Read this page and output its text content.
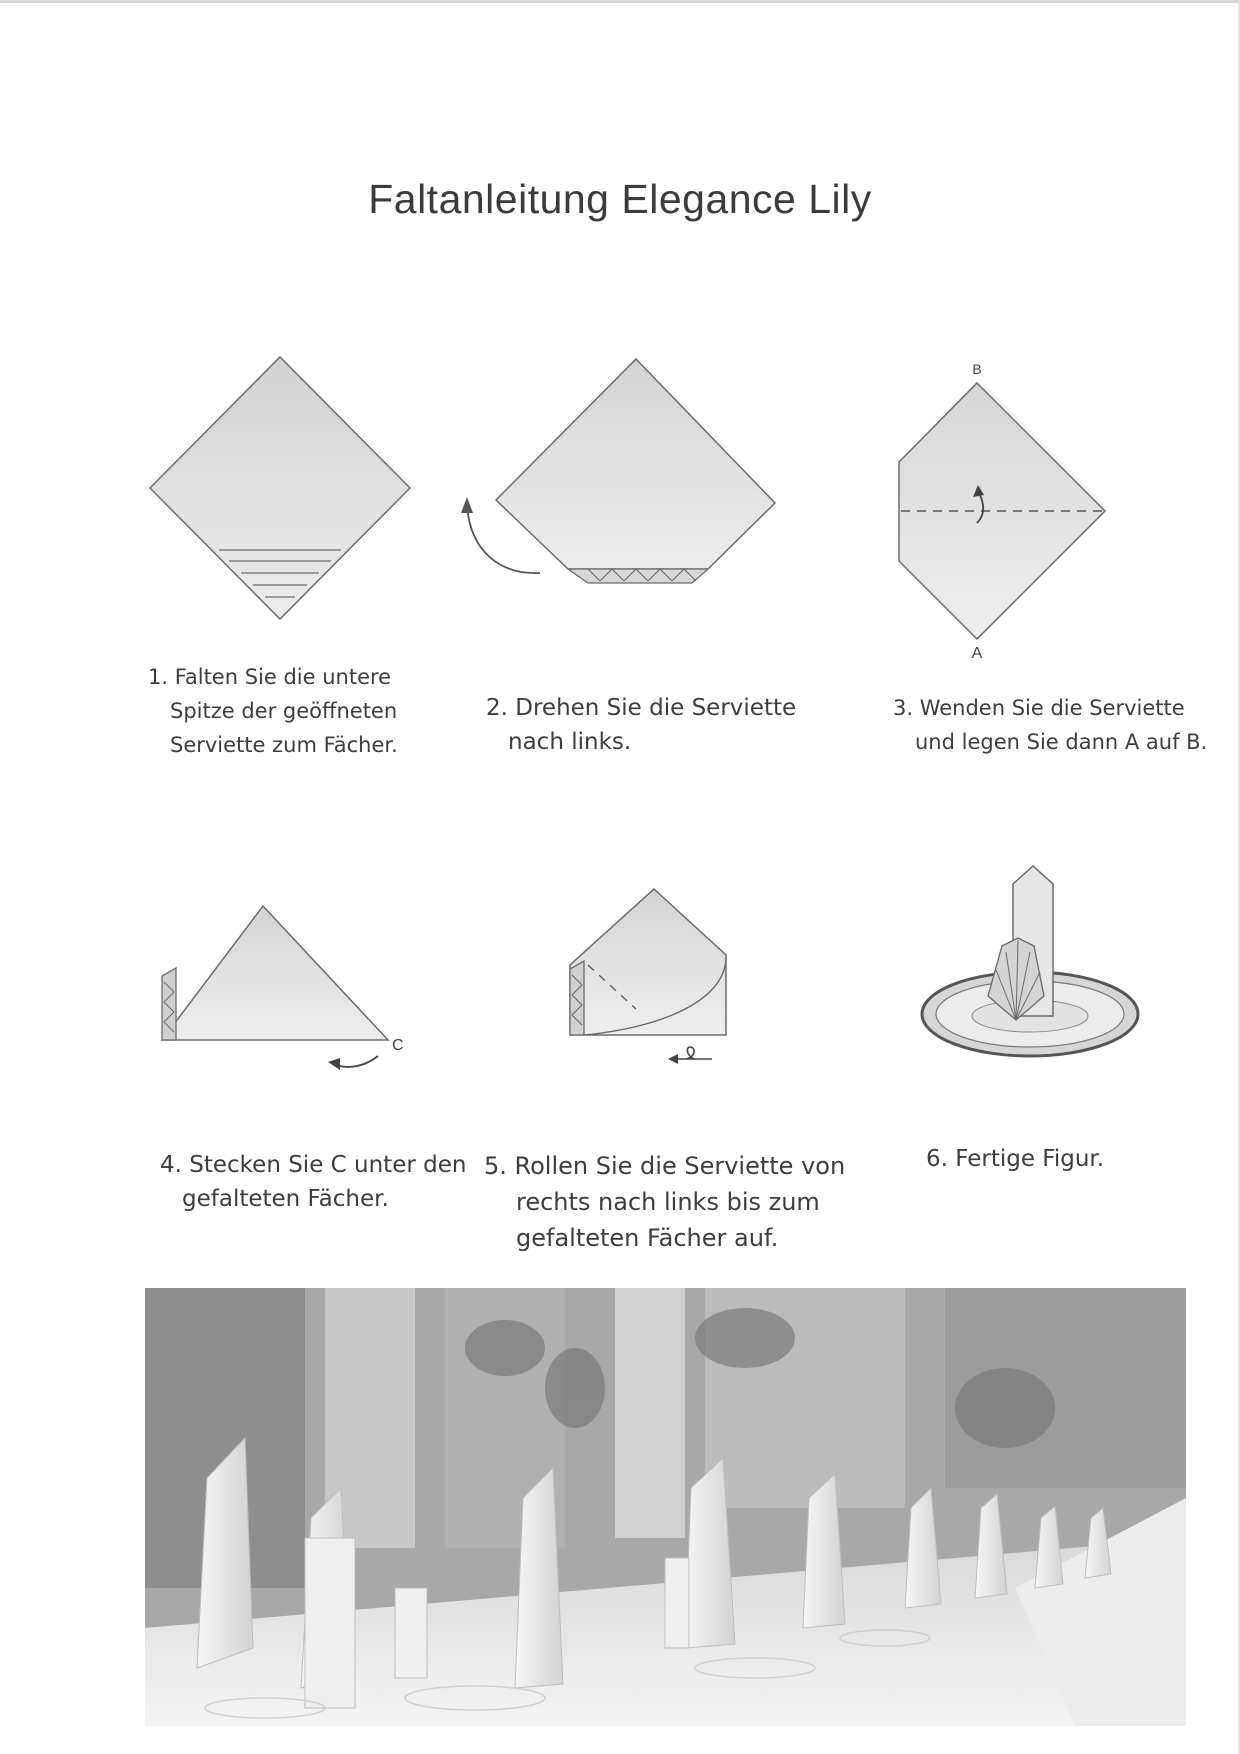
Faltanleitung Elegance Lily
B
A
1. Falten Sie die untere
Spitze der geöffneten
Serviette zum Fächer.
2. Drehen Sie die Serviette
nach links.
3. Wenden Sie die Serviette
und legen Sie dann A auf B.
C
4. Stecken Sie C unter den
gefalteten Fächer.
5. Rollen Sie die Serviette von
rechts nach links bis zum
gefalteten Fächer auf.
6. Fertige Figur.
